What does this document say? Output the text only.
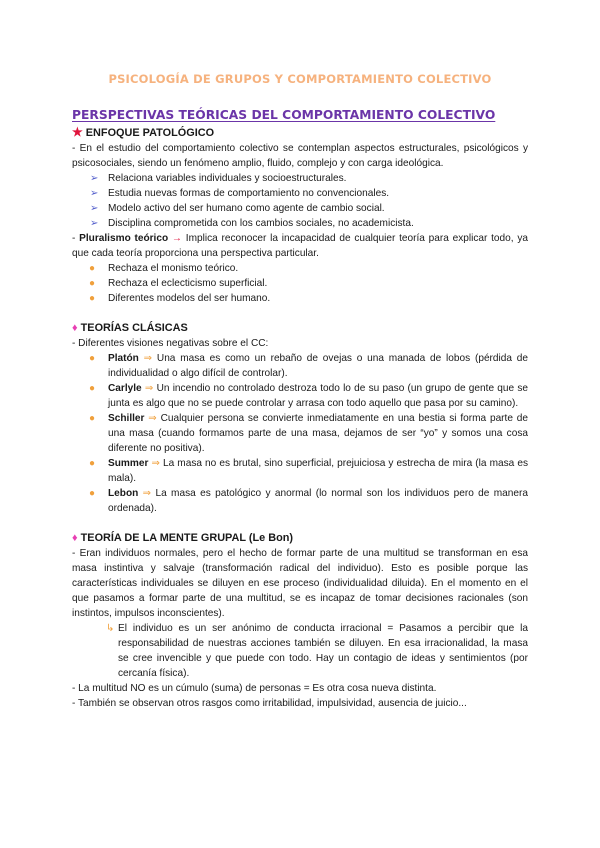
PSICOLOGÍA DE GRUPOS Y COMPORTAMIENTO COLECTIVO
PERSPECTIVAS TEÓRICAS DEL COMPORTAMIENTO COLECTIVO
★ ENFOQUE PATOLÓGICO
- En el estudio del comportamiento colectivo se contemplan aspectos estructurales, psicológicos y psicosociales, siendo un fenómeno amplio, fluido, complejo y con carga ideológica.
➢ Relaciona variables individuales y socioestructurales.
➢ Estudia nuevas formas de comportamiento no convencionales.
➢ Modelo activo del ser humano como agente de cambio social.
➢ Disciplina comprometida con los cambios sociales, no academicista.
- Pluralismo teórico → Implica reconocer la incapacidad de cualquier teoría para explicar todo, ya que cada teoría proporciona una perspectiva particular.
● Rechaza el monismo teórico.
● Rechaza el eclecticismo superficial.
● Diferentes modelos del ser humano.
♦ TEORÍAS CLÁSICAS
- Diferentes visiones negativas sobre el CC:
● Platón ⇒ Una masa es como un rebaño de ovejas o una manada de lobos (pérdida de individualidad o algo difícil de controlar).
● Carlyle ⇒ Un incendio no controlado destroza todo lo de su paso (un grupo de gente que se junta es algo que no se puede controlar y arrasa con todo aquello que pasa por su camino).
● Schiller ⇒ Cualquier persona se convierte inmediatamente en una bestia si forma parte de una masa (cuando formamos parte de una masa, dejamos de ser “yo” y somos una cosa diferente no positiva).
● Summer ⇒ La masa no es brutal, sino superficial, prejuiciosa y estrecha de mira (la masa es mala).
● Lebon ⇒ La masa es patológico y anormal (lo normal son los individuos pero de manera ordenada).
♦ TEORÍA DE LA MENTE GRUPAL (Le Bon)
- Eran individuos normales, pero el hecho de formar parte de una multitud se transforman en esa masa instintiva y salvaje (transformación radical del individuo). Esto es posible porque las características individuales se diluyen en ese proceso (individualidad diluida). En el momento en el que pasamos a formar parte de una multitud, se es incapaz de tomar decisiones racionales (son instintos, impulsos inconscientes).
↳ El individuo es un ser anónimo de conducta irracional = Pasamos a percibir que la responsabilidad de nuestras acciones también se diluyen. En esa irracionalidad, la masa se cree invencible y que puede con todo. Hay un contagio de ideas y sentimientos (por cercanía física).
- La multitud NO es un cúmulo (suma) de personas = Es otra cosa nueva distinta.
- También se observan otros rasgos como irritabilidad, impulsividad, ausencia de juicio...
